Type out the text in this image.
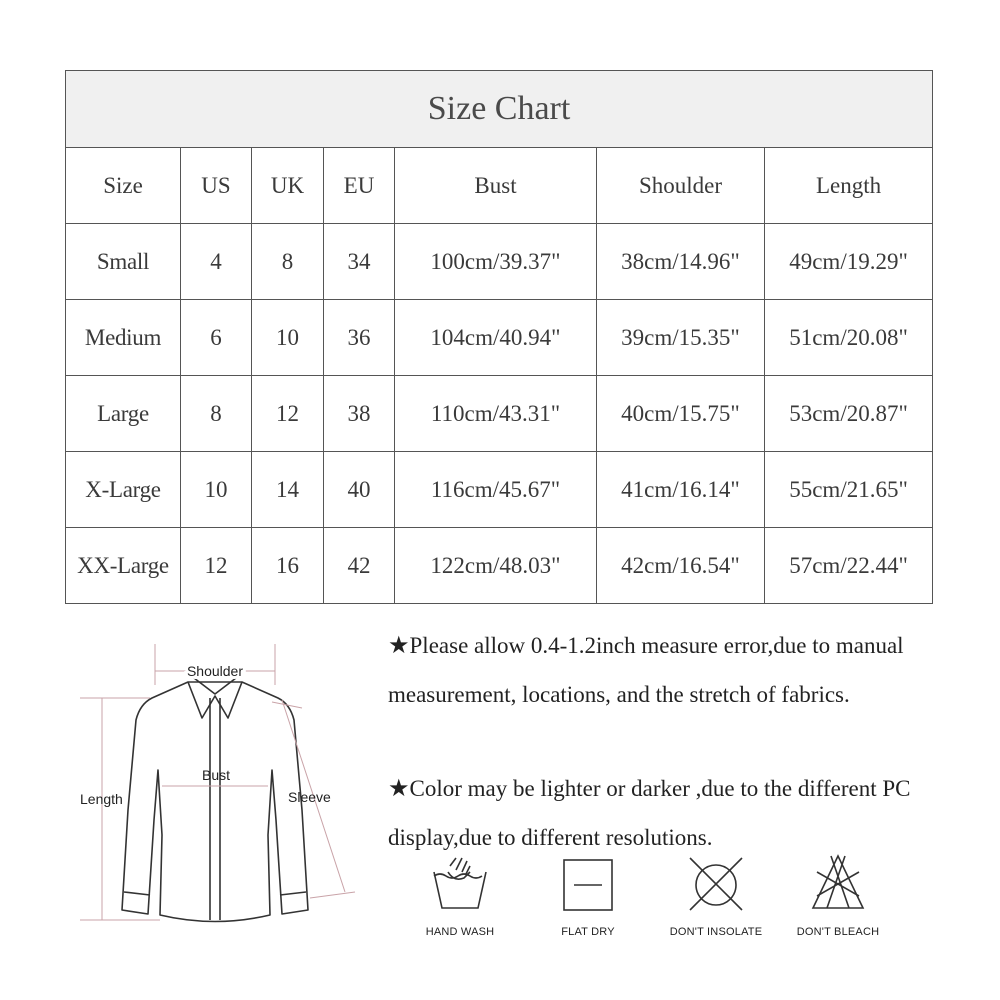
Size Chart						
Size	US	UK	EU	Bust	Shoulder	Length
Small	4	8	34	100cm/39.37"	38cm/14.96"	49cm/19.29"
Medium	6	10	36	104cm/40.94"	39cm/15.35"	51cm/20.08"
Large	8	12	38	110cm/43.31"	40cm/15.75"	53cm/20.87"
X-Large	10	14	40	116cm/45.67"	41cm/16.14"	55cm/21.65"
XX-Large	12	16	42	122cm/48.03"	42cm/16.54"	57cm/22.44"
Shoulder
Bust
Length	Sleeve
★Please allow 0.4-1.2inch measure error,due to manual measurement, locations, and the stretch of fabrics.
★Color may be lighter or darker ,due to the different PC display,due to different resolutions.
HAND WASH	FLAT DRY	DON'T INSOLATE	DON'T BLEACH
